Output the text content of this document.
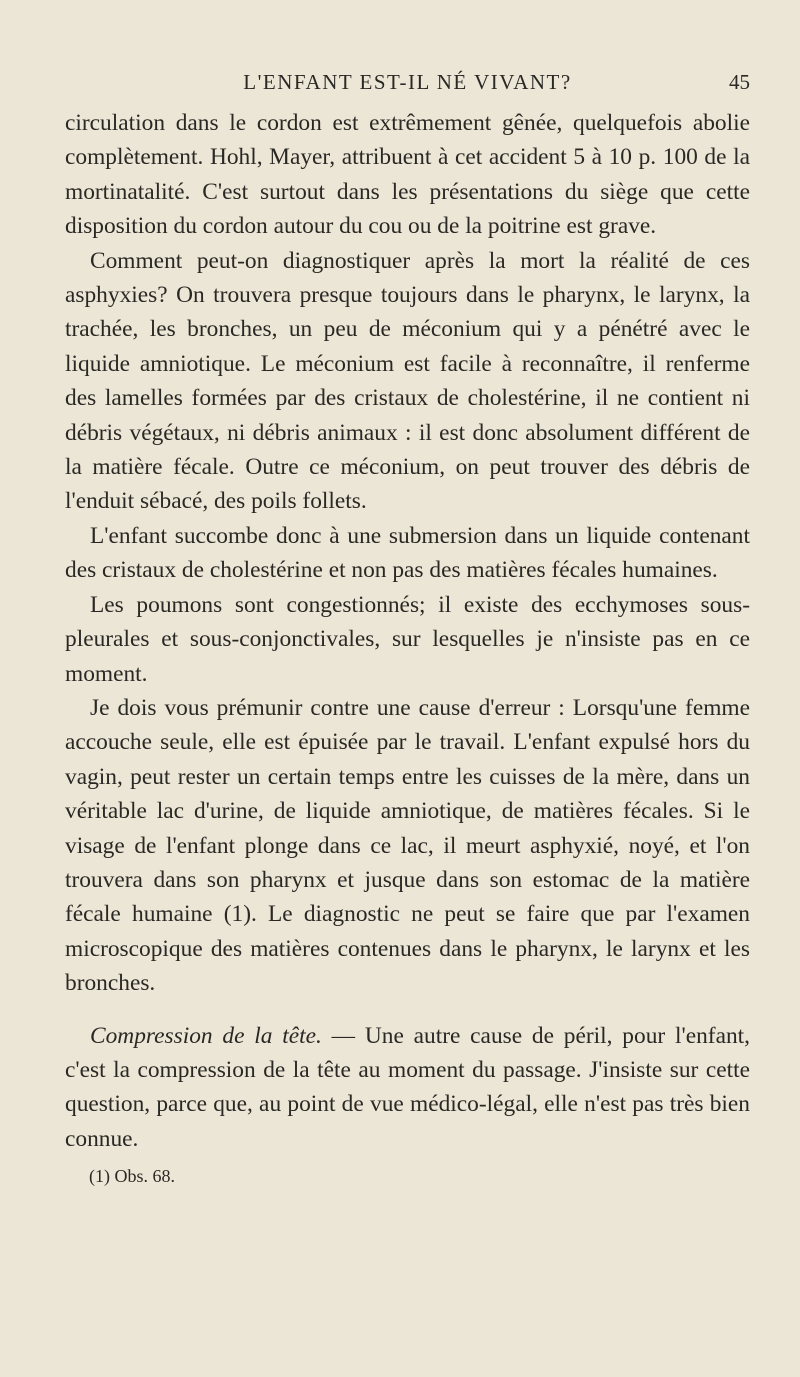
L'ENFANT EST-IL NÉ VIVANT?	45

circulation dans le cordon est extrêmement gênée, quelquefois abolie complètement. Hohl, Mayer, attribuent à cet accident 5 à 10 p. 100 de la mortinatalité. C'est surtout dans les présentations du siège que cette disposition du cordon autour du cou ou de la poitrine est grave.

Comment peut-on diagnostiquer après la mort la réalité de ces asphyxies? On trouvera presque toujours dans le pharynx, le larynx, la trachée, les bronches, un peu de méconium qui y a pénétré avec le liquide amniotique. Le méconium est facile à reconnaître, il renferme des lamelles formées par des cristaux de cholestérine, il ne contient ni débris végétaux, ni débris animaux : il est donc absolument différent de la matière fécale. Outre ce méconium, on peut trouver des débris de l'enduit sébacé, des poils follets.

L'enfant succombe donc à une submersion dans un liquide contenant des cristaux de cholestérine et non pas des matières fécales humaines.

Les poumons sont congestionnés; il existe des ecchymoses sous-pleurales et sous-conjonctivales, sur lesquelles je n'insiste pas en ce moment.

Je dois vous prémunir contre une cause d'erreur : Lorsqu'une femme accouche seule, elle est épuisée par le travail. L'enfant expulsé hors du vagin, peut rester un certain temps entre les cuisses de la mère, dans un véritable lac d'urine, de liquide amniotique, de matières fécales. Si le visage de l'enfant plonge dans ce lac, il meurt asphyxié, noyé, et l'on trouvera dans son pharynx et jusque dans son estomac de la matière fécale humaine (1). Le diagnostic ne peut se faire que par l'examen microscopique des matières contenues dans le pharynx, le larynx et les bronches.

Compression de la tête. — Une autre cause de péril, pour l'enfant, c'est la compression de la tête au moment du passage. J'insiste sur cette question, parce que, au point de vue médico-légal, elle n'est pas très bien connue.

(1) Obs. 68.
